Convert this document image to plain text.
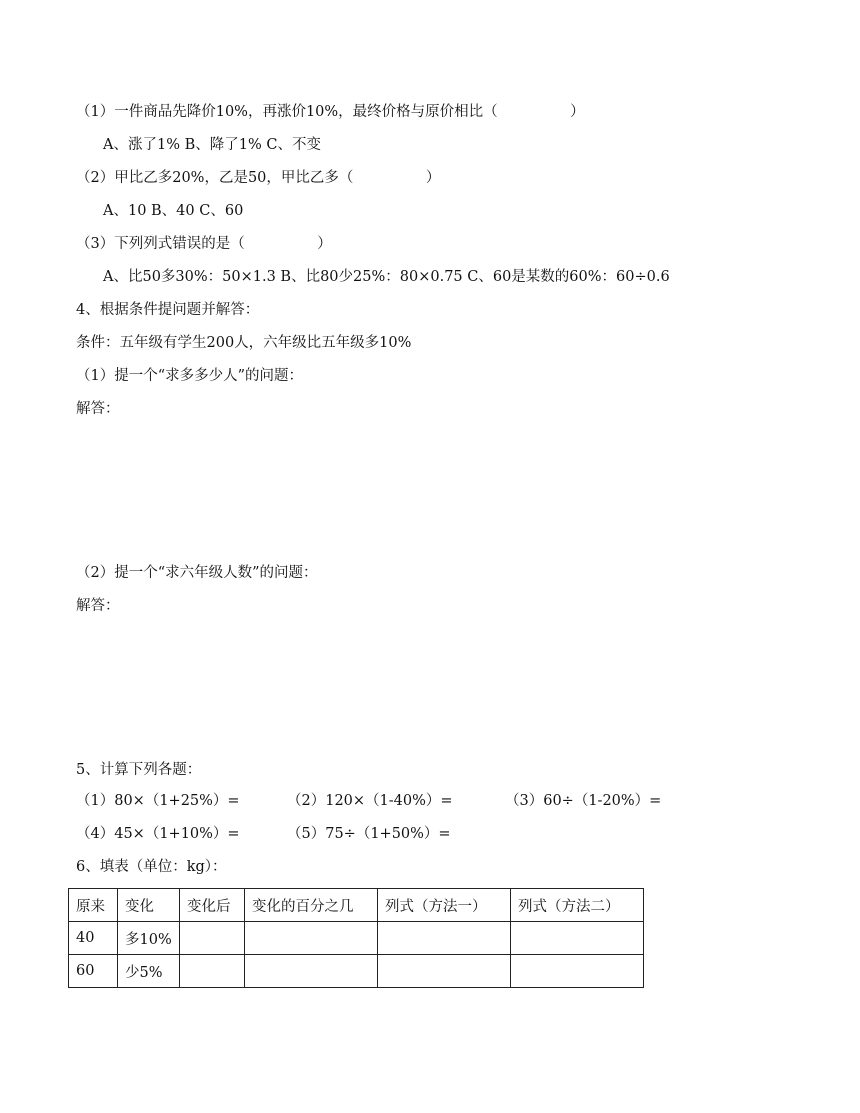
（1）一件商品先降价10%，再涨价10%，最终价格与原价相比（　　　　　）
A、涨了1% B、降了1% C、不变
（2）甲比乙多20%，乙是50，甲比乙多（　　　　　）
A、10 B、40 C、60
（3）下列列式错误的是（　　　　　）
A、比50多30%：50×1.3 B、比80少25%：80×0.75 C、60是某数的60%：60÷0.6
4、根据条件提问题并解答：
条件：五年级有学生200人，六年级比五年级多10%
（1）提一个“求多多少人”的问题：
解答：
（2）提一个“求六年级人数”的问题：
解答：
5、计算下列各题：
（1）80×（1+25%）=	（2）120×（1-40%）=	（3）60÷（1-20%）=
（4）45×（1+10%）=	（5）75÷（1+50%）=
6、填表（单位：kg）：
原来	变化	变化后	变化的百分之几	列式（方法一）	列式（方法二）
40	多10%				
60	少5%				
